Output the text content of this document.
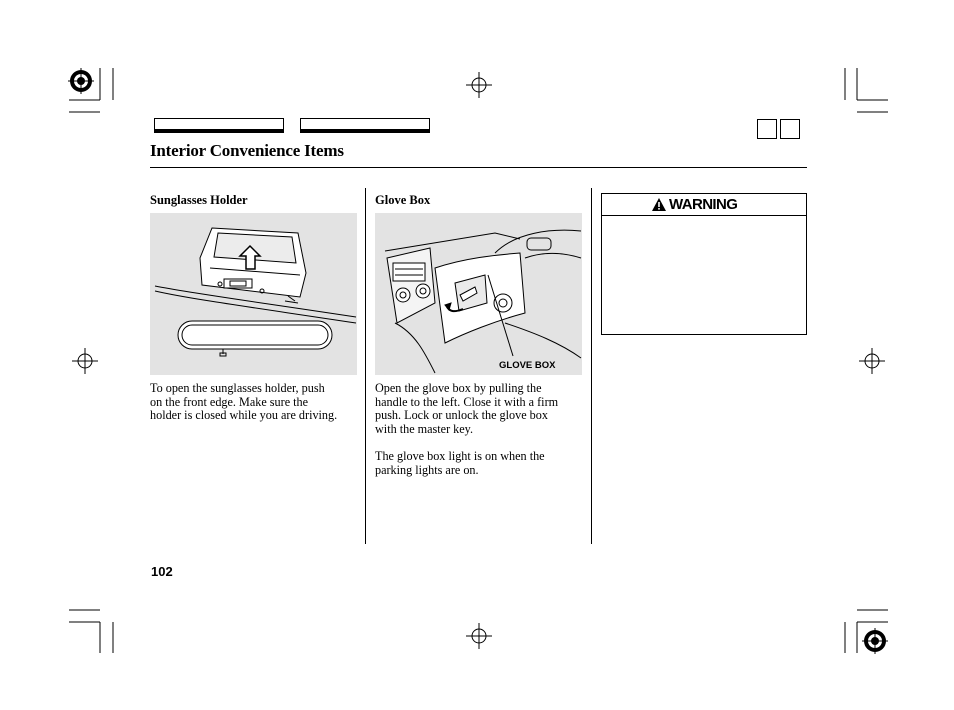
Interior Convenience Items
Sunglasses Holder
To open the sunglasses holder, push
on the front edge. Make sure the
holder is closed while you are driving.
Glove Box
GLOVE BOX
Open the glove box by pulling the
handle to the left. Close it with a firm
push. Lock or unlock the glove box
with the master key.
The glove box light is on when the
parking lights are on.
WARNING
102
